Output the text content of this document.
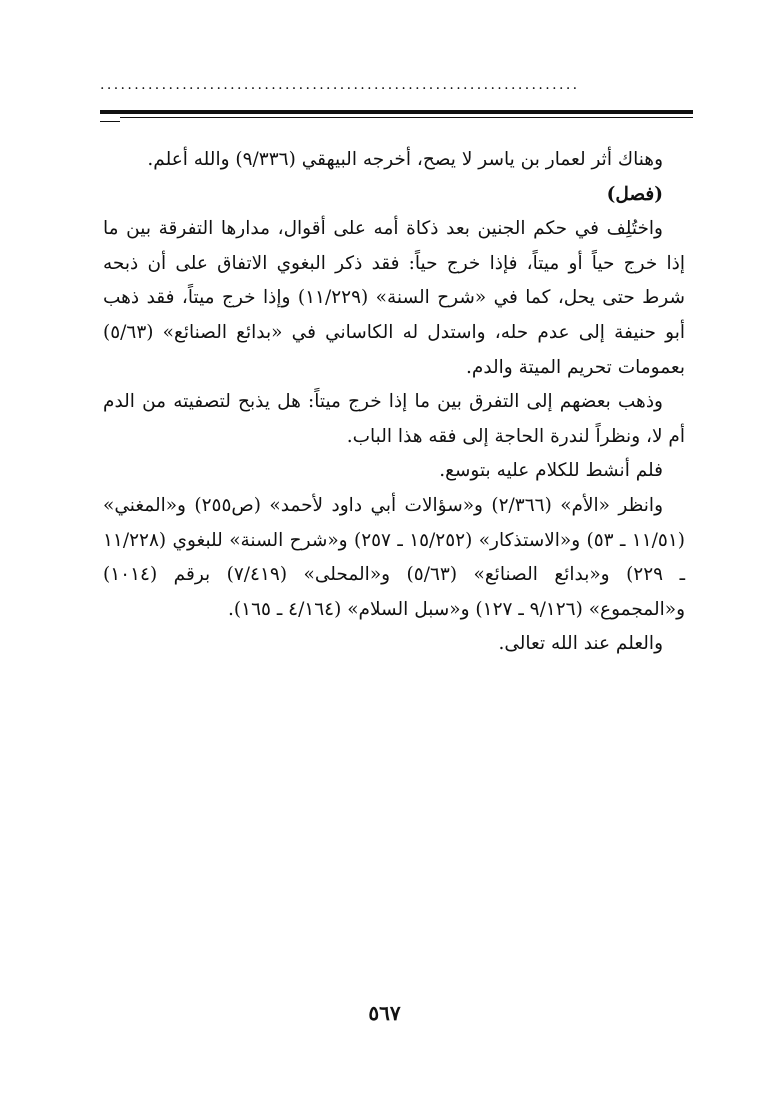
......................................................................

وهناك أثر لعمار بن ياسر لا يصح، أخرجه البيهقي (٩/٣٣٦) والله أعلم.

(فصل)

واختُلِف في حكم الجنين بعد ذكاة أمه على أقوال، مدارها التفرقة بين ما إذا خرج حياً أو ميتاً، فإذا خرج حياً: فقد ذكر البغوي الاتفاق على أن ذبحه شرط حتى يحل، كما في «شرح السنة» (١١/٢٢٩) وإذا خرج ميتاً، فقد ذهب أبو حنيفة إلى عدم حله، واستدل له الكاساني في «بدائع الصنائع» (٥/٦٣) بعمومات تحريم الميتة والدم.

وذهب بعضهم إلى التفرق بين ما إذا خرج ميتاً: هل يذبح لتصفيته من الدم أم لا، ونظراً لندرة الحاجة إلى فقه هذا الباب.

فلم أنشط للكلام عليه بتوسع.

وانظر «الأم» (٢/٣٦٦) و«سؤالات أبي داود لأحمد» (ص٢٥٥) و«المغني» (١١/٥١ ـ ٥٣) و«الاستذكار» (١٥/٢٥٢ ـ ٢٥٧) و«شرح السنة» للبغوي (١١/٢٢٨ ـ ٢٢٩) و«بدائع الصنائع» (٥/٦٣) و«المحلى» (٧/٤١٩) برقم (١٠١٤) و«المجموع» (٩/١٢٦ ـ ١٢٧) و«سبل السلام» (٤/١٦٤ ـ ١٦٥).

والعلم عند الله تعالى.

٥٦٧
